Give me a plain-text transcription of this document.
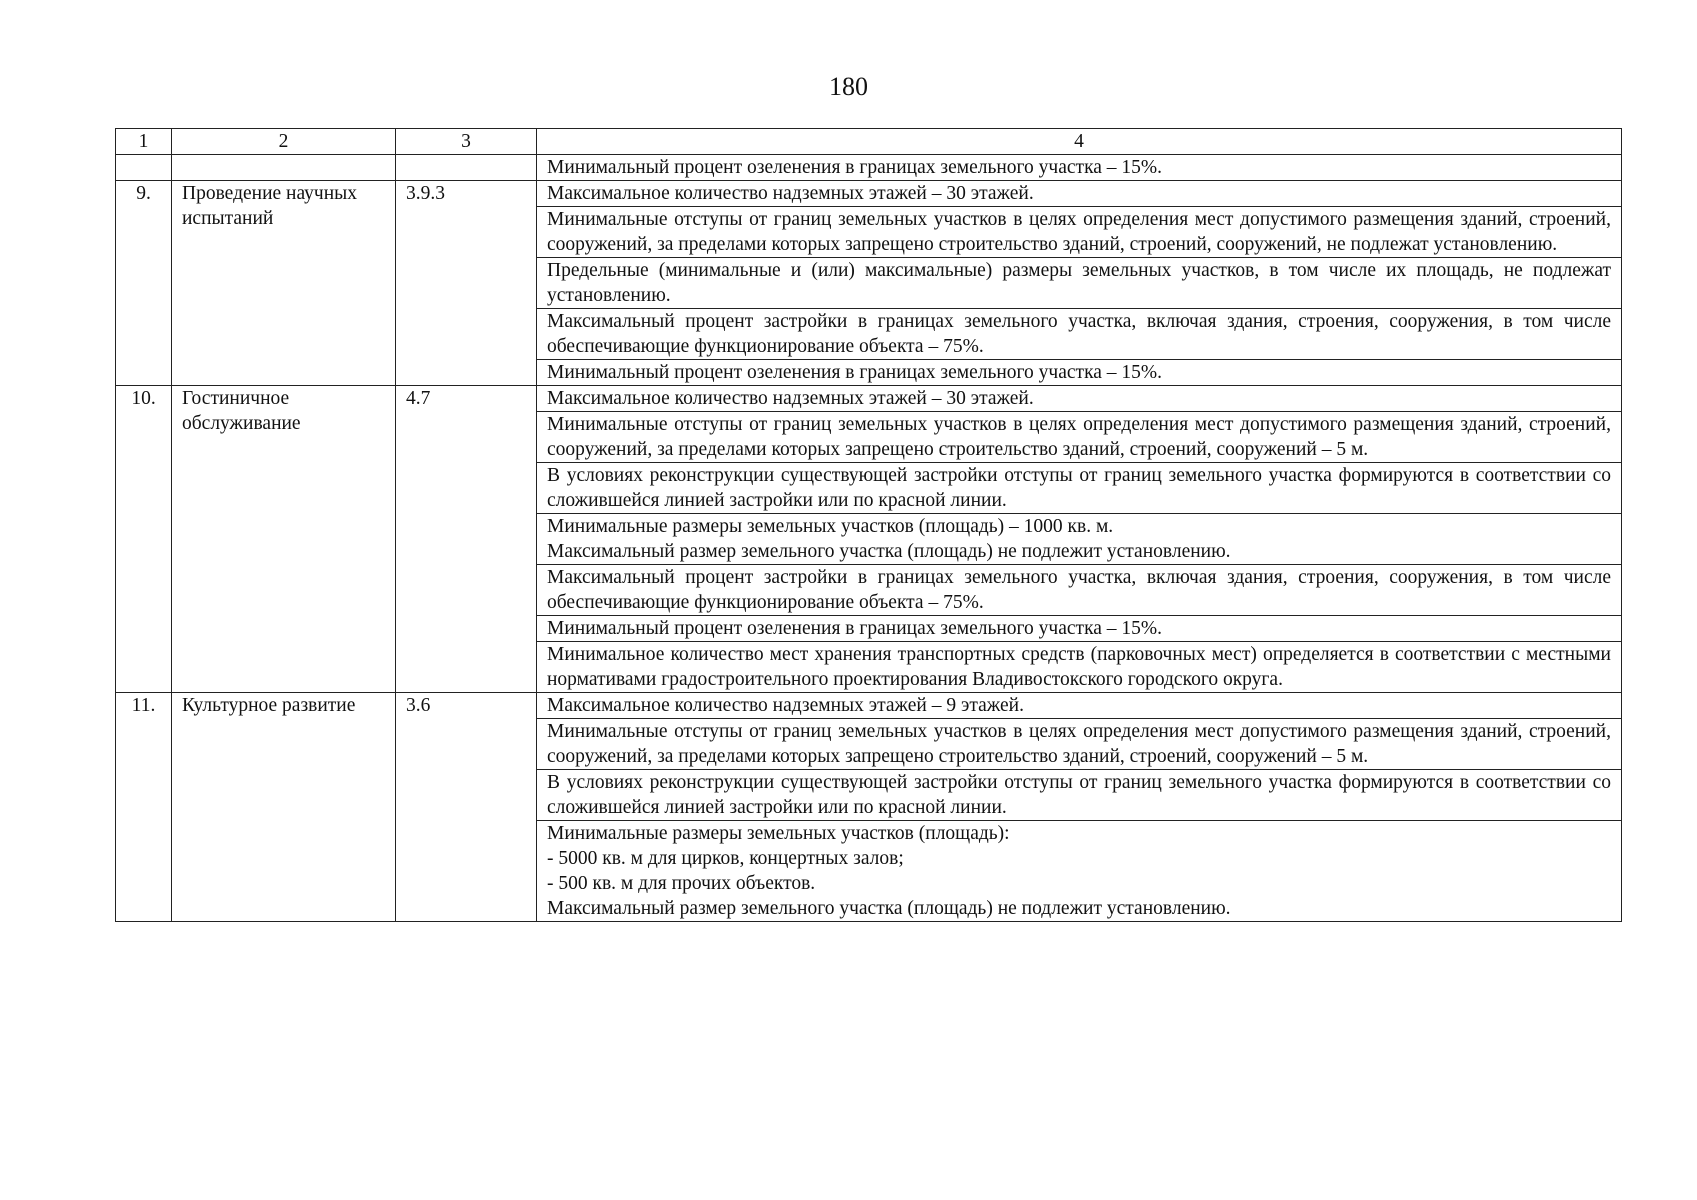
180
1	2	3	4

			Минимальный процент озеленения в границах земельного участка – 15%.

9.	Проведение научных испытаний	3.9.3	Максимальное количество надземных этажей – 30 этажей.

			Минимальные отступы от границ земельных участков в целях определения мест допустимого размещения зданий, строений, сооружений, за пределами которых запрещено строительство зданий, строений, сооружений, не подлежат установлению.

			Предельные (минимальные и (или) максимальные) размеры земельных участков, в том числе их площадь, не подлежат установлению.

			Максимальный процент застройки в границах земельного участка, включая здания, строения, сооружения, в том числе обеспечивающие функционирование объекта – 75%.

			Минимальный процент озеленения в границах земельного участка – 15%.

10.	Гостиничное обслуживание	4.7	Максимальное количество надземных этажей – 30 этажей.

			Минимальные отступы от границ земельных участков в целях определения мест допустимого размещения зданий, строений, сооружений, за пределами которых запрещено строительство зданий, строений, сооружений – 5 м.

			В условиях реконструкции существующей застройки отступы от границ земельного участка формируются в соответствии со сложившейся линией застройки или по красной линии.

			Минимальные размеры земельных участков (площадь) – 1000 кв. м.
Максимальный размер земельного участка (площадь) не подлежит установлению.

			Максимальный процент застройки в границах земельного участка, включая здания, строения, сооружения, в том числе обеспечивающие функционирование объекта – 75%.

			Минимальный процент озеленения в границах земельного участка – 15%.

			Минимальное количество мест хранения транспортных средств (парковочных мест) определяется в соответствии с местными нормативами градостроительного проектирования Владивостокского городского округа.

11.	Культурное развитие	3.6	Максимальное количество надземных этажей – 9 этажей.

			Минимальные отступы от границ земельных участков в целях определения мест допустимого размещения зданий, строений, сооружений, за пределами которых запрещено строительство зданий, строений, сооружений – 5 м.

			В условиях реконструкции существующей застройки отступы от границ земельного участка формируются в соответствии со сложившейся линией застройки или по красной линии.

			Минимальные размеры земельных участков (площадь):
- 5000 кв. м для цирков, концертных залов;
- 500 кв. м для прочих объектов.
Максимальный размер земельного участка (площадь) не подлежит установлению.
